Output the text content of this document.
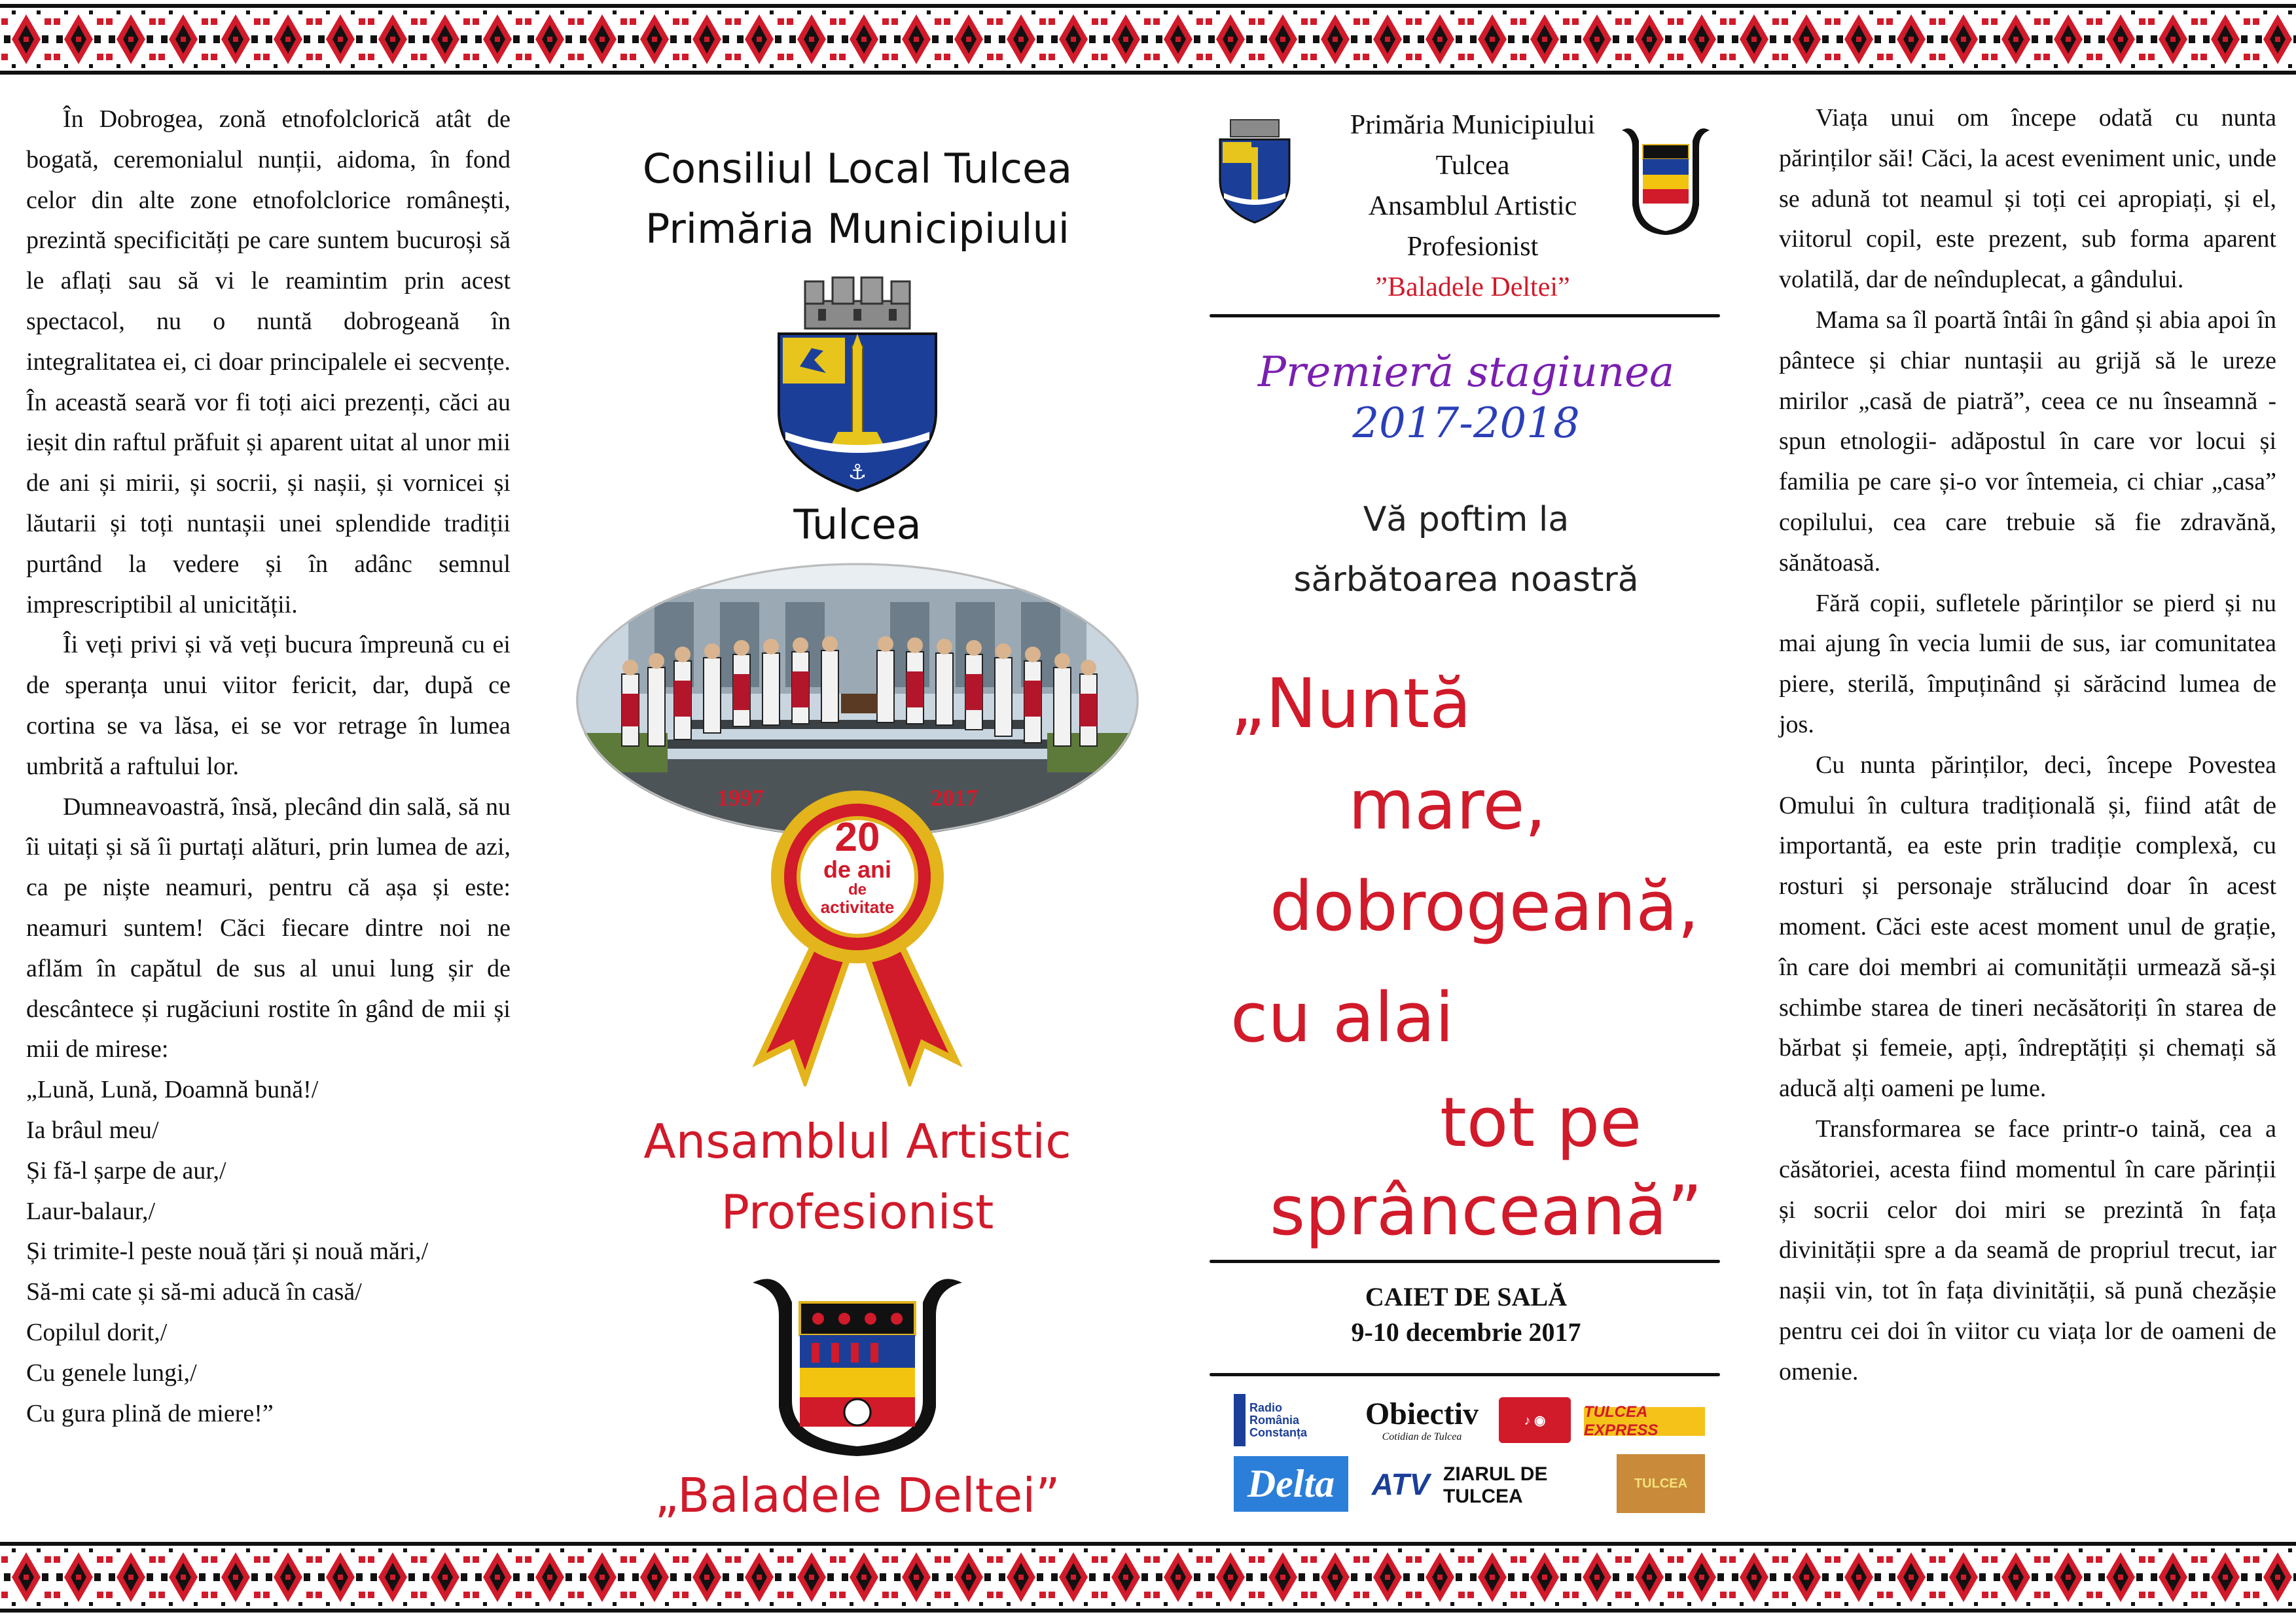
În Dobrogea, zonă etnofolclorică atât de bogată, ceremonialul nunții, aidoma, în fond celor din alte zone etnofolclorice românești, prezintă specificități pe care suntem bucuroși să le aflați sau să vi le reamintim prin acest spectacol, nu o nuntă dobrogeană în integralitatea ei, ci doar principalele ei secvențe. În această seară vor fi toți aici prezenți, căci au ieșit din raftul prăfuit și aparent uitat al unor mii de ani și mirii, și socrii, și nașii, și vornicei și lăutarii și toți nuntașii unei splendide tradiții purtând la vedere și în adânc semnul imprescriptibil al unicității.

Îi veți privi și vă veți bucura împreună cu ei de speranța unui viitor fericit, dar, după ce cortina se va lăsa, ei se vor retrage în lumea umbrită a raftului lor.

Dumneavoastră, însă, plecând din sală, să nu îi uitați și să îi purtați alături, prin lumea de azi, ca pe niște neamuri, pentru că așa și este: neamuri suntem! Căci fiecare dintre noi ne aflăm în capătul de sus al unui lung șir de descântece și rugăciuni rostite în gând de mii și mii de mirese:

„Lună, Lună, Doamnă bună!/
Ia brâul meu/
Și fă-l șarpe de aur,/
Laur-balaur,/
Și trimite-l peste nouă țări și nouă mări,/
Să-mi cate și să-mi aducă în casă/
Copilul dorit,/
Cu genele lungi,/
Cu gura plină de miere!”
Consiliul Local Tulcea
Primăria Municipiului
⚓
Tulcea
20
de ani
de
activitate
1997	2017
Ansamblul Artistic
Profesionist
„Baladele Deltei”
Primăria Municipiului
Tulcea
Ansamblul Artistic
Profesionist
”Baladele Deltei”
Premieră stagiunea
2017-2018
Vă poftim la
sărbătoarea noastră
„Nuntă
mare,
dobrogeană,
cu alai
tot pe
sprânceană”
CAIET DE SALĂ
9-10 decembrie 2017
Radio
România
Constanța
Obiectiv
Cotidian de Tulcea
♪ ◉ TULCEA EXPRESS
Delta	ATV ZIARUL DE TULCEA
TULCEA

Viața unui om începe odată cu nunta părinților săi! Căci, la acest eveniment unic, unde se adună tot neamul și toți cei apropiați, și el, viitorul copil, este prezent, sub forma aparent volatilă, dar de neînduplecat, a gândului.

Mama sa îl poartă întâi în gând și abia apoi în pântece și chiar nuntașii au grijă să le ureze mirilor „casă de piatră”, ceea ce nu înseamnă -spun etnologii- adăpostul în care vor locui și familia pe care și-o vor întemeia, ci chiar „casa” copilului, cea care trebuie să fie zdravănă, sănătoasă.

Fără copii, sufletele părinților se pierd și nu mai ajung în vecia lumii de sus, iar comunitatea piere, sterilă, împuținând și sărăcind lumea de jos.

Cu nunta părinților, deci, începe Povestea Omului în cultura tradițională și, fiind atât de importantă, ea este prin tradiție complexă, cu rosturi și personaje strălucind doar în acest moment. Căci este acest moment unul de grație, în care doi membri ai comunității urmează să-și schimbe starea de tineri necăsătoriți în starea de bărbat și femeie, apți, îndreptățiți și chemați să aducă alți oameni pe lume.

Transformarea se face printr-o taină, cea a căsătoriei, acesta fiind momentul în care părinții și socrii celor doi miri se prezintă în fața divinității spre a da seamă de propriul trecut, iar nașii vin, tot în fața divinității, să pună chezășie pentru cei doi în viitor cu viața lor de oameni de omenie.
